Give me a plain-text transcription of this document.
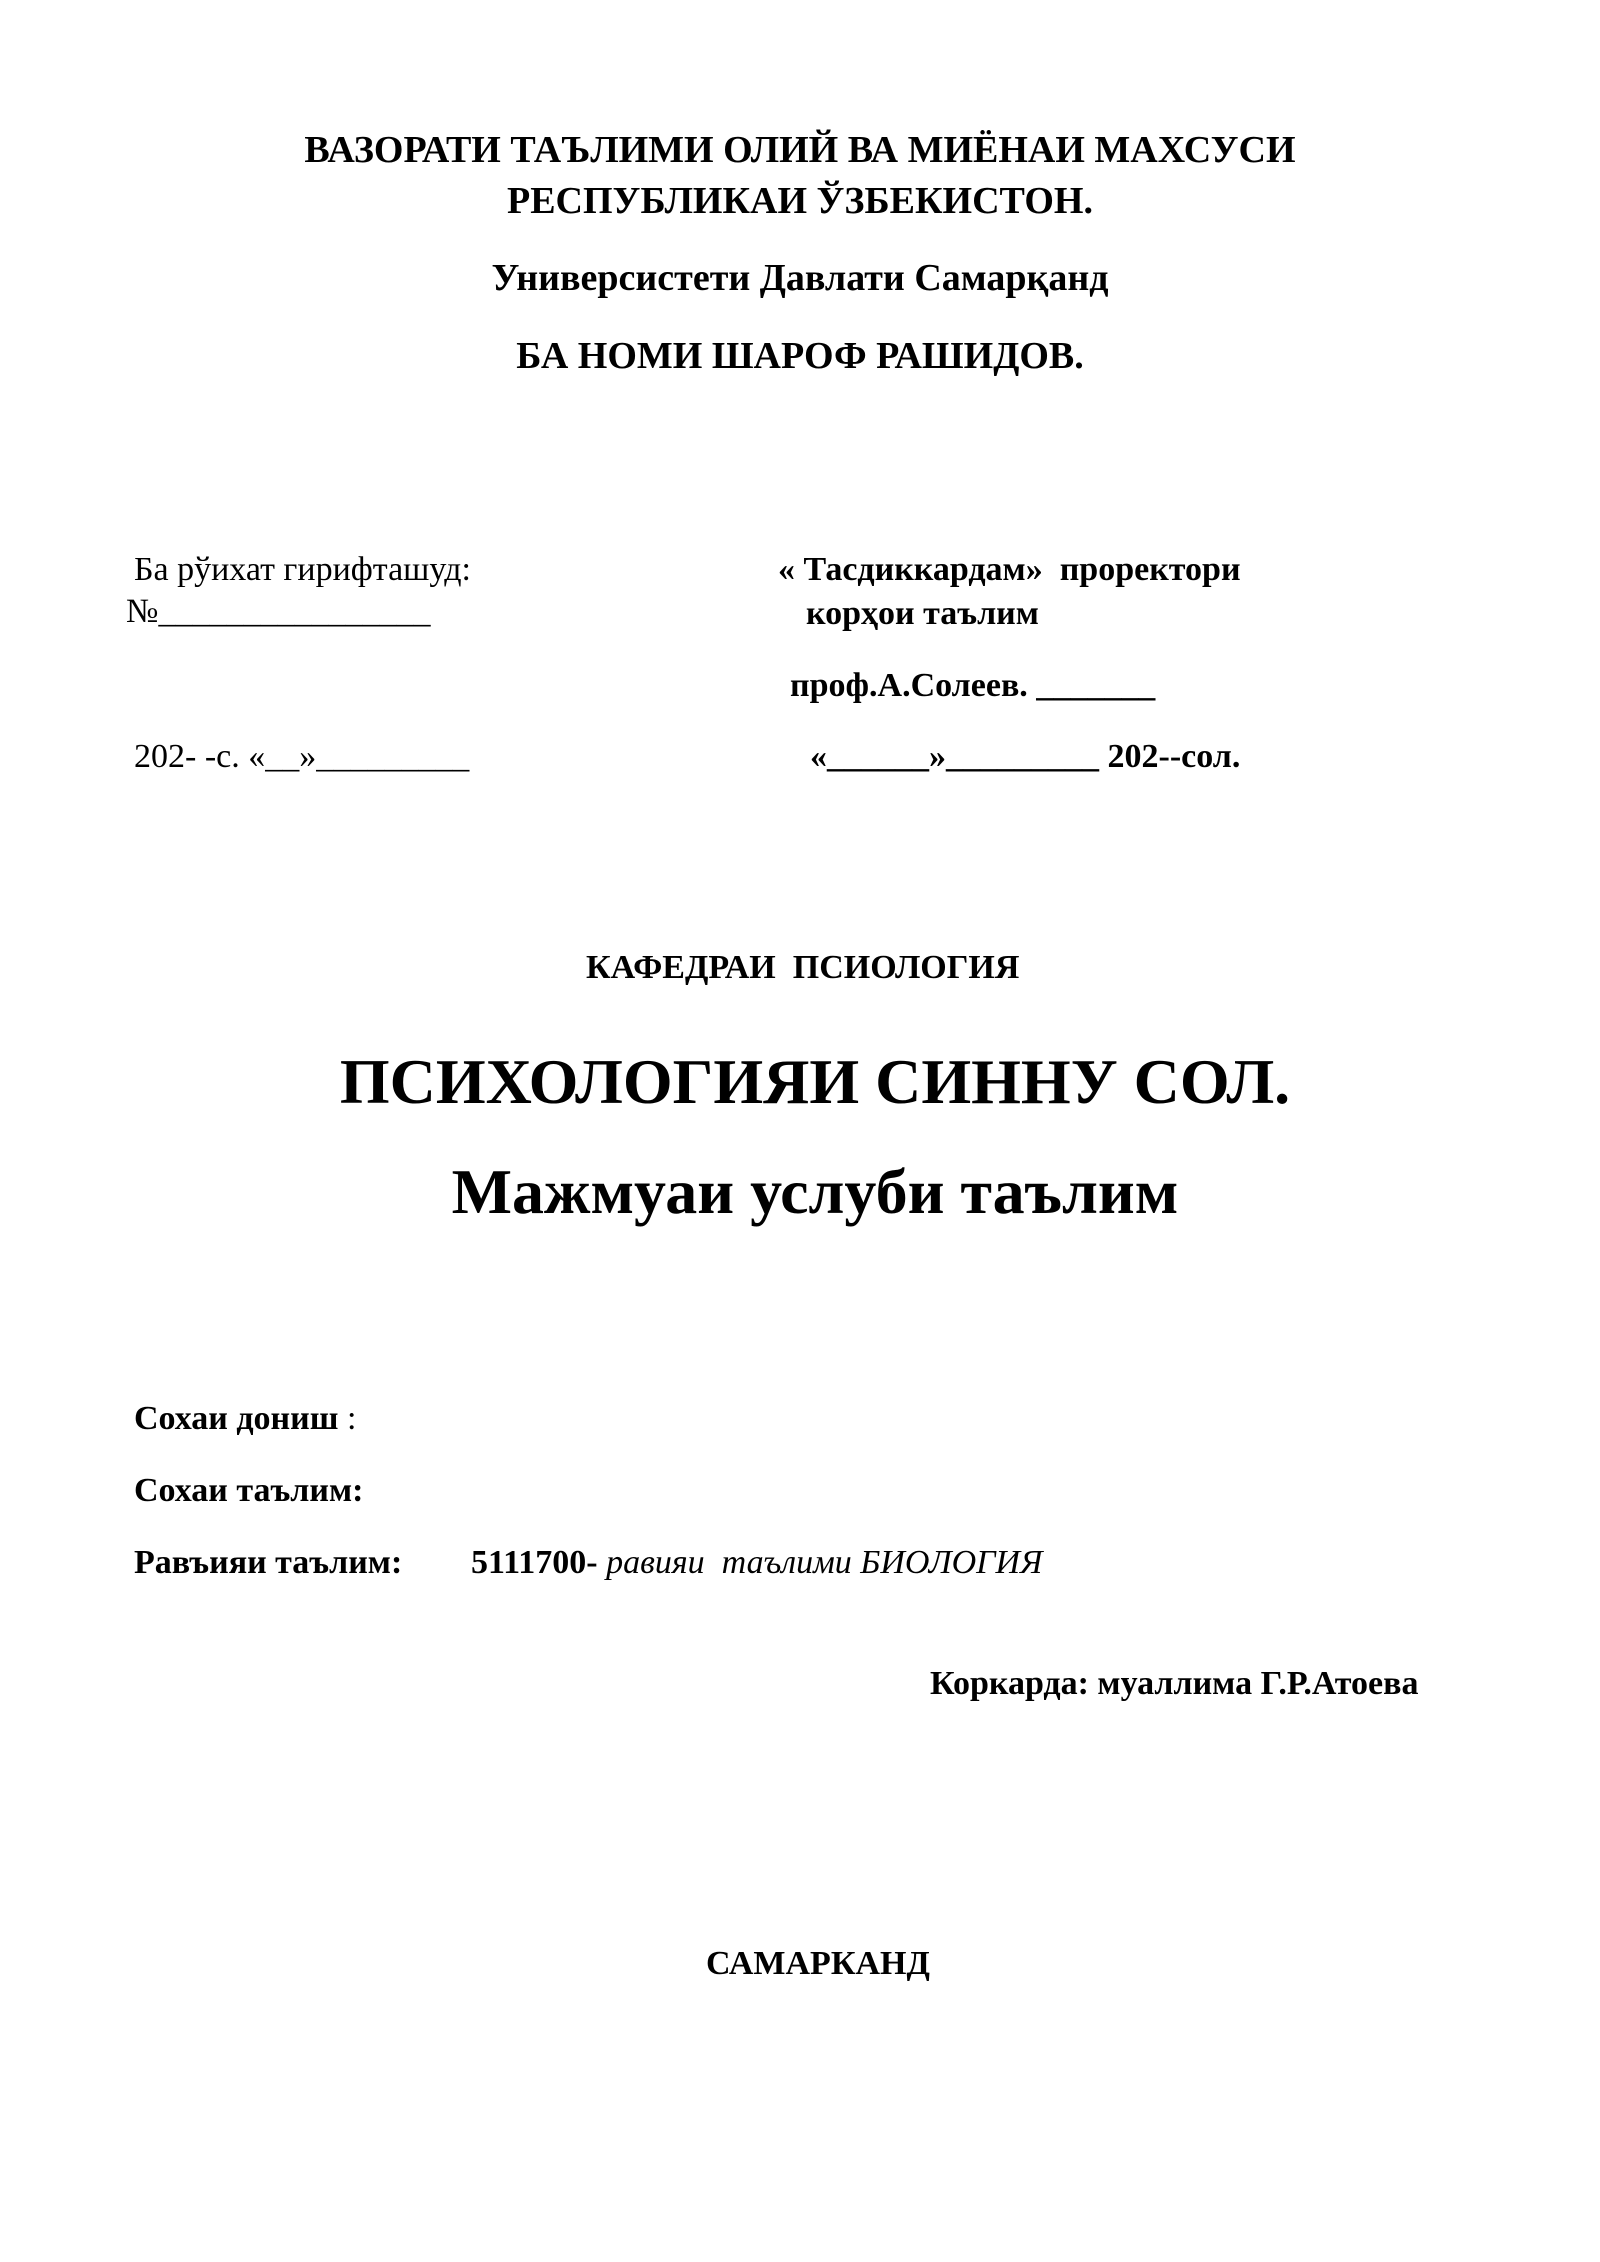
ВАЗОРАТИ ТАЪЛИМИ ОЛИЙ ВА МИЁНАИ МАХСУСИ
РЕСПУБЛИКАИ ЎЗБЕКИСТОН.
Универсистети Давлати Самарқанд
БА НОМИ ШАРОФ РАШИДОВ.
Ба рўихат гирифташуд:
№________________
202- -с. «__»_________
« Тасдиккардам»  проректори
корҳои таълим
проф.А.Солеев. _______
«______»_________ 202--сол.
КАФЕДРАИ  ПСИОЛОГИЯ
ПСИХОЛОГИЯИ СИННУ СОЛ.
Мажмуаи услуби таълим
Сохаи дониш :
Сохаи таълим:
Равъияи таълим: 5111700- равияи  таълими БИОЛОГИЯ
Коркарда: муаллима Г.Р.Атоева
САМАРКАНД
